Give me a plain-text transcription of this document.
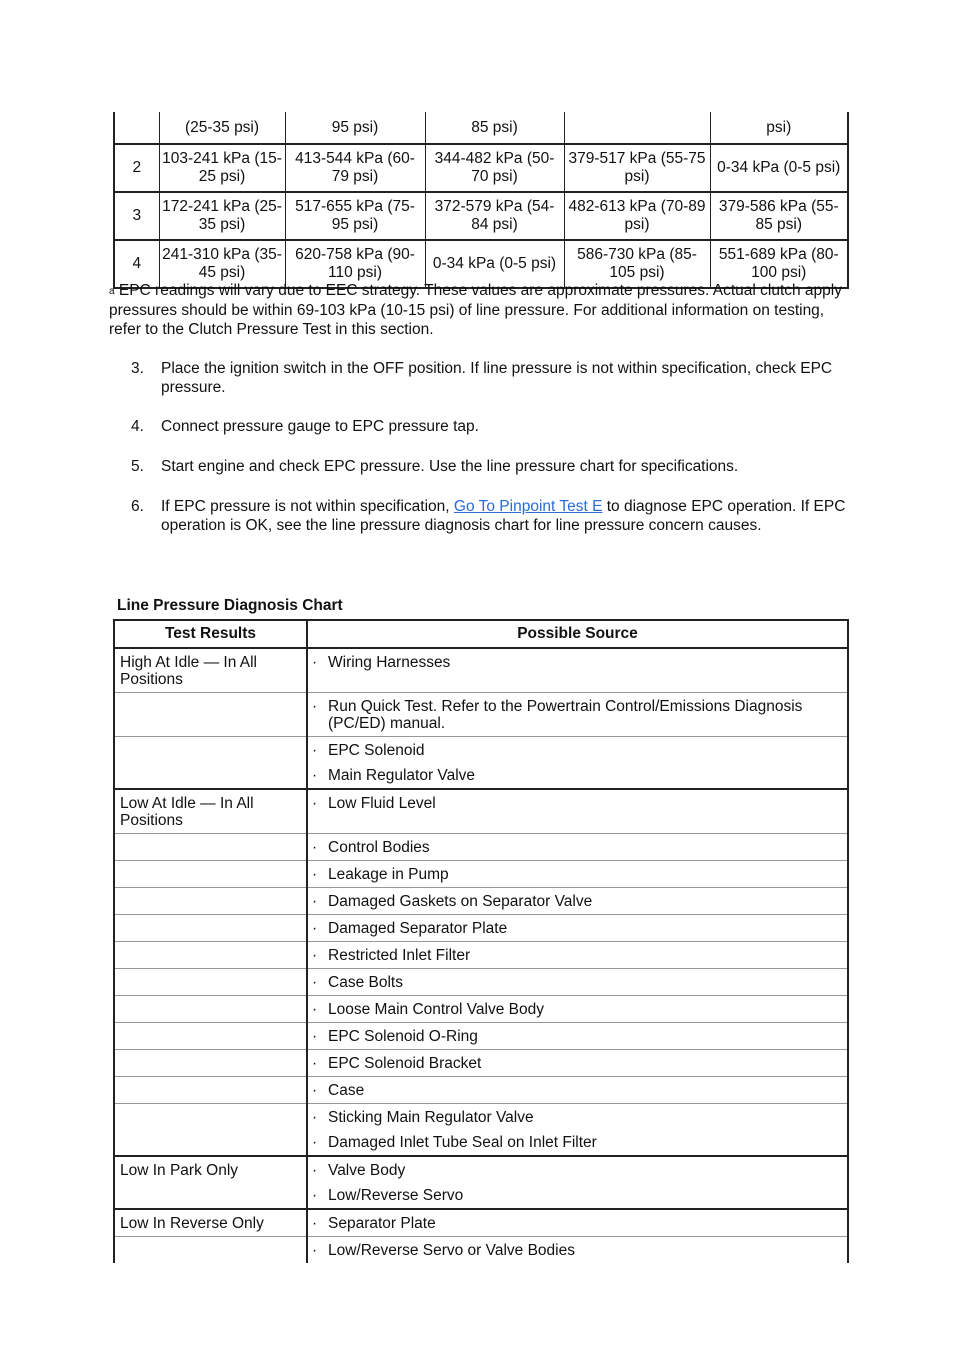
	(25-35 psi)	95 psi)	85 psi)		psi)
2	103-241 kPa (15-25 psi)	413-544 kPa (60-79 psi)	344-482 kPa (50-70 psi)	379-517 kPa (55-75 psi)	0-34 kPa (0-5 psi)
3	172-241 kPa (25-35 psi)	517-655 kPa (75-95 psi)	372-579 kPa (54-84 psi)	482-613 kPa (70-89 psi)	379-586 kPa (55-85 psi)
4	241-310 kPa (35-45 psi)	620-758 kPa (90-110 psi)	0-34 kPa (0-5 psi)	586-730 kPa (85-105 psi)	551-689 kPa (80-100 psi)
$^a$ EPC readings will vary due to EEC strategy. These values are approximate pressures. Actual clutch apply pressures should be within 69-103 kPa (10-15 psi) of line pressure. For additional information on testing, refer to the Clutch Pressure Test in this section.
3. Place the ignition switch in the OFF position. If line pressure is not within specification, check EPC pressure.
4. Connect pressure gauge to EPC pressure tap.
5. Start engine and check EPC pressure. Use the line pressure chart for specifications.
6. If EPC pressure is not within specification, Go To Pinpoint Test E to diagnose EPC operation. If EPC operation is OK, see the line pressure diagnosis chart for line pressure concern causes.
Line Pressure Diagnosis Chart
Test Results	Possible Source

High At Idle — In All Positions	· Wiring Harnesses

	· Run Quick Test. Refer to the Powertrain Control/Emissions Diagnosis (PC/ED) manual.

	· EPC Solenoid
· Main Regulator Valve

Low At Idle — In All Positions	· Low Fluid Level

	· Control Bodies

	· Leakage in Pump

	· Damaged Gaskets on Separator Valve

	· Damaged Separator Plate

	· Restricted Inlet Filter

	· Case Bolts

	· Loose Main Control Valve Body

	· EPC Solenoid O-Ring

	· EPC Solenoid Bracket

	· Case

	· Sticking Main Regulator Valve
· Damaged Inlet Tube Seal on Inlet Filter

Low In Park Only	· Valve Body
· Low/Reverse Servo

Low In Reverse Only	· Separator Plate

	· Low/Reverse Servo or Valve Bodies
